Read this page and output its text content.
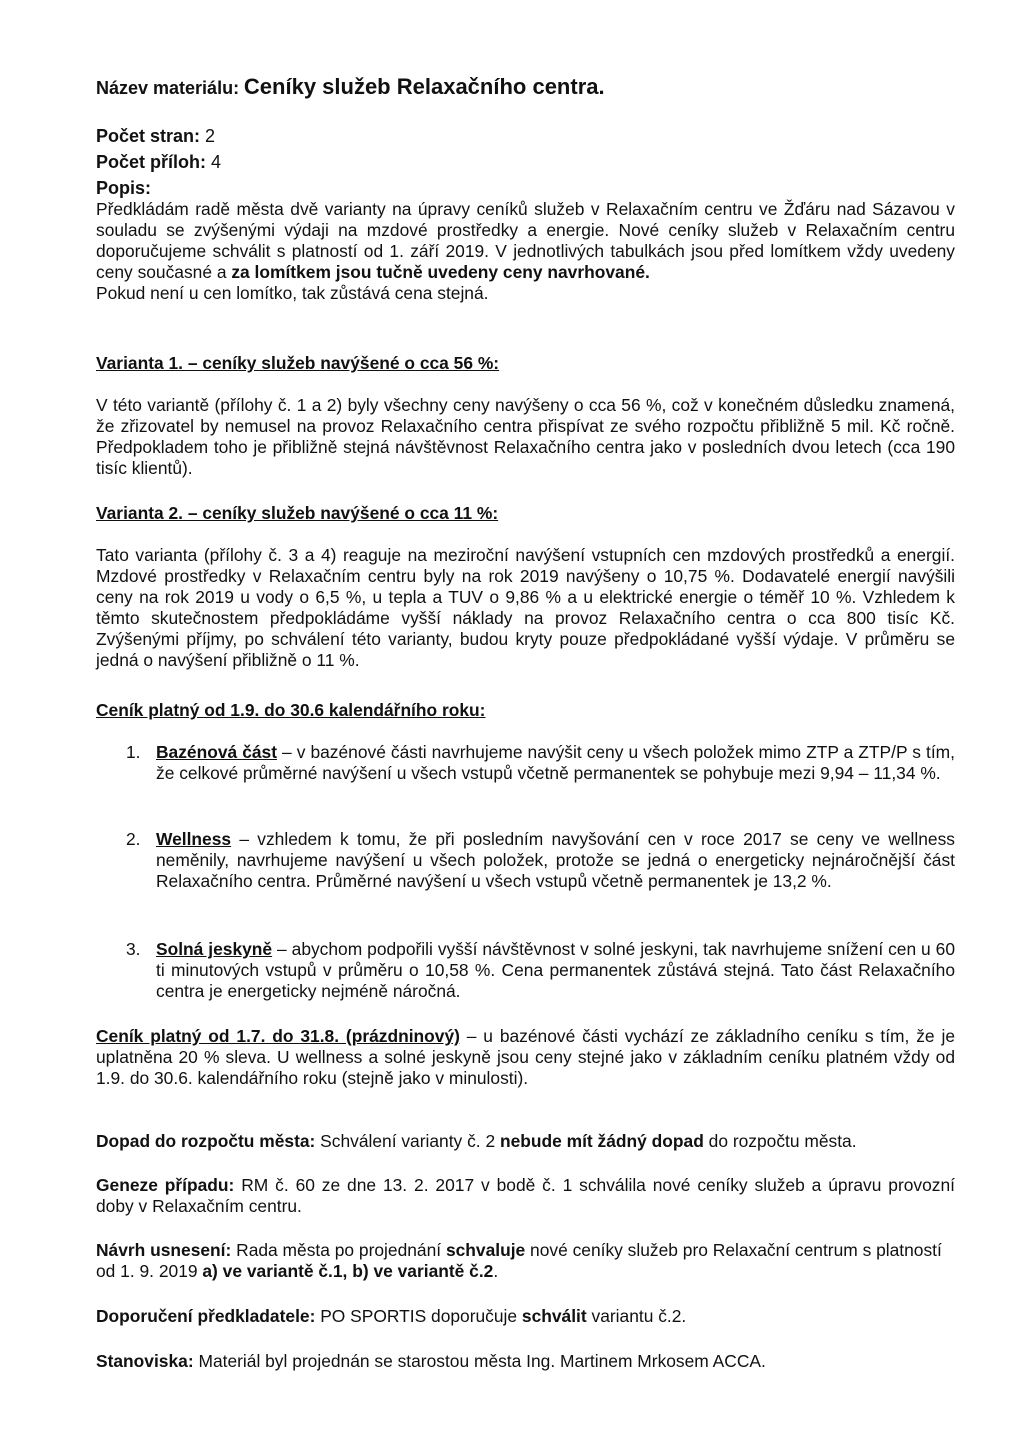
Název materiálu: Ceníky služeb Relaxačního centra.
Počet stran: 2
Počet příloh: 4
Popis:

Předkládám radě města dvě varianty na úpravy ceníků služeb v Relaxačním centru ve Žďáru nad Sázavou v souladu se zvýšenými výdaji na mzdové prostředky a energie. Nové ceníky služeb v Relaxačním centru doporučujeme schválit s platností od 1. září 2019. V jednotlivých tabulkách jsou před lomítkem vždy uvedeny ceny současné a za lomítkem jsou tučně uvedeny ceny navrhované.
Pokud není u cen lomítko, tak zůstává cena stejná.

Varianta 1. – ceníky služeb navýšené o cca 56 %:

V této variantě (přílohy č. 1 a 2) byly všechny ceny navýšeny o cca 56 %, což v konečném důsledku znamená, že zřizovatel by nemusel na provoz Relaxačního centra přispívat ze svého rozpočtu přibližně 5 mil. Kč ročně. Předpokladem toho je přibližně stejná návštěvnost Relaxačního centra jako v posledních dvou letech (cca 190 tisíc klientů).

Varianta 2. – ceníky služeb navýšené o cca 11 %:

Tato varianta (přílohy č. 3 a 4) reaguje na meziroční navýšení vstupních cen mzdových prostředků a energií. Mzdové prostředky v Relaxačním centru byly na rok 2019 navýšeny o 10,75 %. Dodavatelé energií navýšili ceny na rok 2019 u vody o 6,5 %, u tepla a TUV o 9,86 % a u elektrické energie o téměř 10 %. Vzhledem k těmto skutečnostem předpokládáme vyšší náklady na provoz Relaxačního centra o cca 800 tisíc Kč. Zvýšenými příjmy, po schválení této varianty, budou kryty pouze předpokládané vyšší výdaje. V průměru se jedná o navýšení přibližně o 11 %.

Ceník platný od 1.9. do 30.6 kalendářního roku:
1. Bazénová část – v bazénové části navrhujeme navýšit ceny u všech položek mimo ZTP a ZTP/P s tím, že celkové průměrné navýšení u všech vstupů včetně permanentek se pohybuje mezi 9,94 – 11,34 %.

2. Wellness – vzhledem k tomu, že při posledním navyšování cen v roce 2017 se ceny ve wellness neměnily, navrhujeme navýšení u všech položek, protože se jedná o energeticky nejnáročnější část Relaxačního centra. Průměrné navýšení u všech vstupů včetně permanentek je 13,2 %.

3. Solná jeskyně – abychom podpořili vyšší návštěvnost v solné jeskyni, tak navrhujeme snížení cen u 60 ti minutových vstupů v průměru o 10,58 %. Cena permanentek zůstává stejná. Tato část Relaxačního centra je energeticky nejméně náročná.

Ceník platný od 1.7. do 31.8. (prázdninový) – u bazénové části vychází ze základního ceníku s tím, že je uplatněna 20 % sleva. U wellness a solné jeskyně jsou ceny stejné jako v základním ceníku platném vždy od 1.9. do 30.6. kalendářního roku (stejně jako v minulosti).

Dopad do rozpočtu města: Schválení varianty č. 2 nebude mít žádný dopad do rozpočtu města.

Geneze případu: RM č. 60 ze dne 13. 2. 2017 v bodě č. 1 schválila nové ceníky služeb a úpravu provozní doby v Relaxačním centru.

Návrh usnesení: Rada města po projednání schvaluje nové ceníky služeb pro Relaxační centrum s platností od 1. 9. 2019 a) ve variantě č.1, b) ve variantě č.2.

Doporučení předkladatele: PO SPORTIS doporučuje schválit variantu č.2.

Stanoviska: Materiál byl projednán se starostou města Ing. Martinem Mrkosem ACCA.
